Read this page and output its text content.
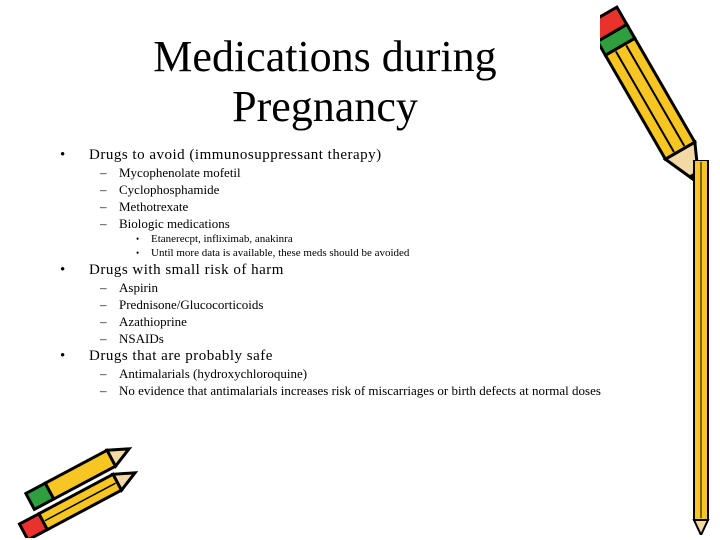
Medications during
Pregnancy
• Drugs to avoid (immunosuppressant therapy)
– Mycophenolate mofetil
– Cyclophosphamide
– Methotrexate
– Biologic medications
• Etanerecpt, infliximab, anakinra
• Until more data is available, these meds should be avoided
• Drugs with small risk of harm
– Aspirin
– Prednisone/Glucocorticoids
– Azathioprine
– NSAIDs
• Drugs that are probably safe
– Antimalarials (hydroxychloroquine)
– No evidence that antimalarials increases risk of miscarriages or birth defects at normal doses
